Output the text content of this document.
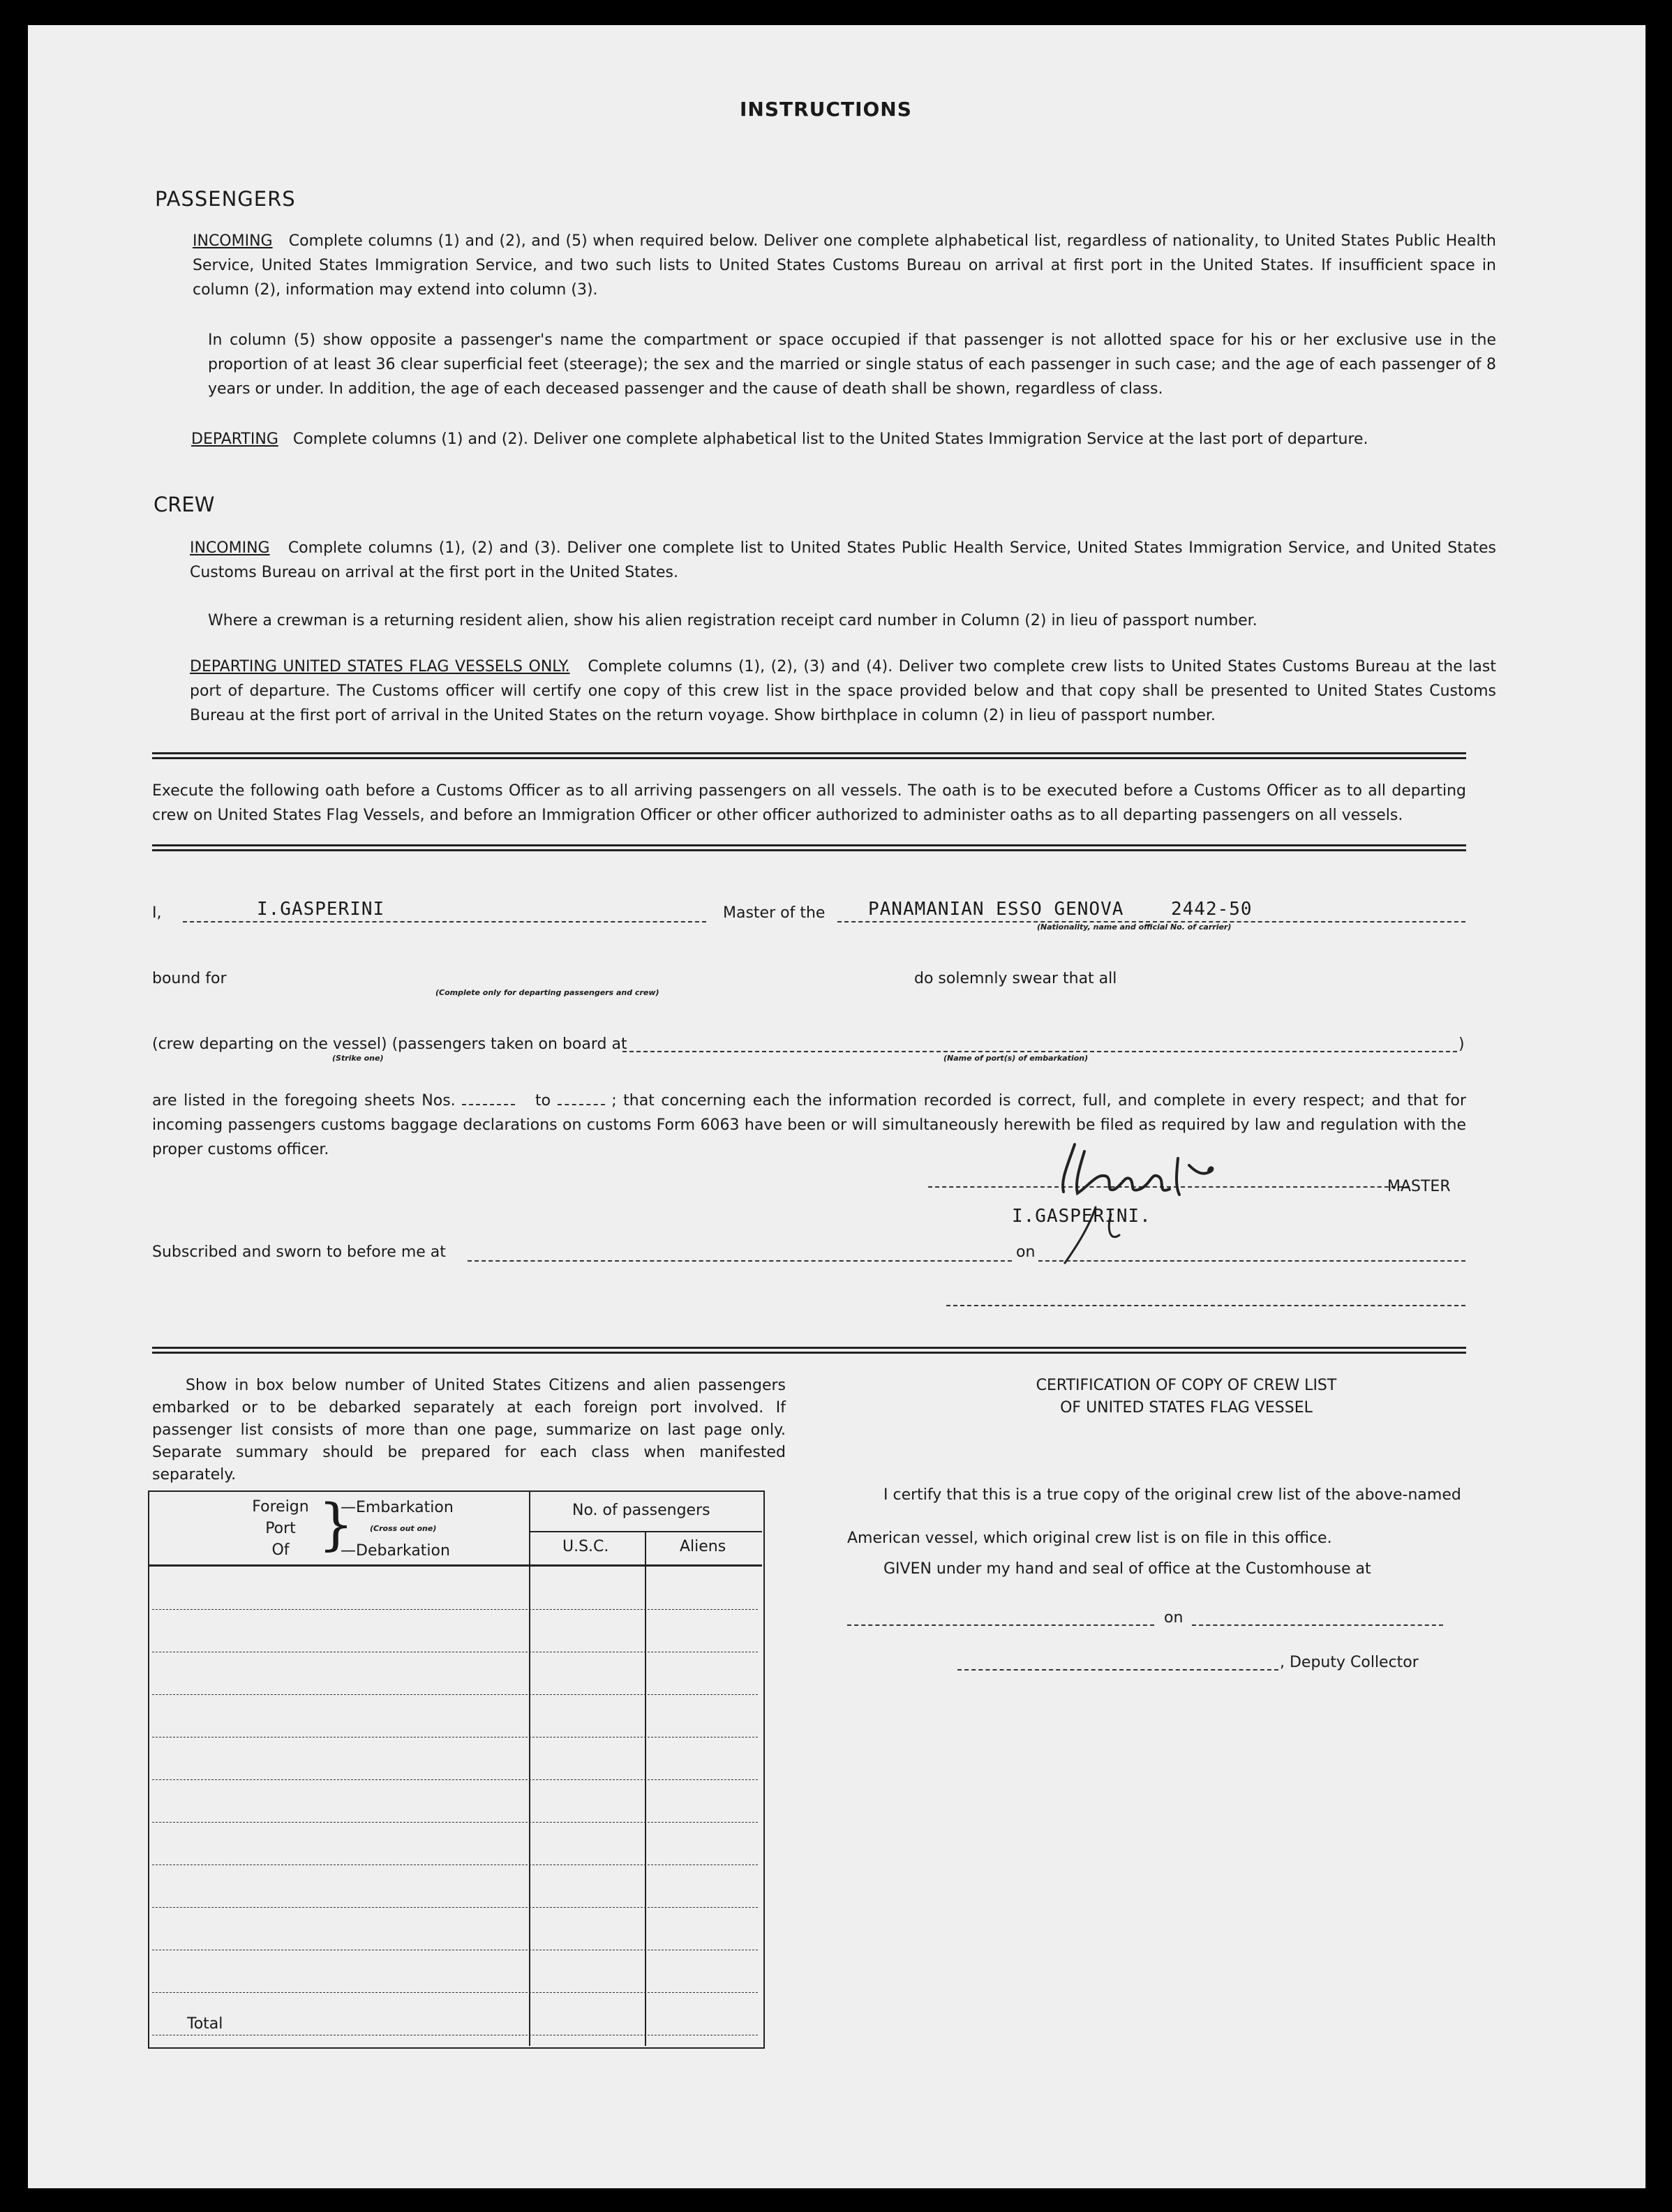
INSTRUCTIONS
PASSENGERS
INCOMING Complete columns (1) and (2), and (5) when required below. Deliver one complete alphabetical list, regardless of nationality, to United States Public Health Service, United States Immigration Service, and two such lists to United States Customs Bureau on arrival at first port in the United States. If insufficient space in column (2), information may extend into column (3).
In column (5) show opposite a passenger's name the compartment or space occupied if that passenger is not allotted space for his or her exclusive use in the proportion of at least 36 clear superficial feet (steerage); the sex and the married or single status of each passenger in such case; and the age of each passenger of 8 years or under. In addition, the age of each deceased passenger and the cause of death shall be shown, regardless of class.
DEPARTING Complete columns (1) and (2). Deliver one complete alphabetical list to the United States Immigration Service at the last port of departure.
CREW
INCOMING Complete columns (1), (2) and (3). Deliver one complete list to United States Public Health Service, United States Immigration Service, and United States Customs Bureau on arrival at the first port in the United States.
Where a crewman is a returning resident alien, show his alien registration receipt card number in Column (2) in lieu of passport number.
DEPARTING UNITED STATES FLAG VESSELS ONLY. Complete columns (1), (2), (3) and (4). Deliver two complete crew lists to United States Customs Bureau at the last port of departure. The Customs officer will certify one copy of this crew list in the space provided below and that copy shall be presented to United States Customs Bureau at the first port of arrival in the United States on the return voyage. Show birthplace in column (2) in lieu of passport number.
Execute the following oath before a Customs Officer as to all arriving passengers on all vessels. The oath is to be executed before a Customs Officer as to all departing crew on United States Flag Vessels, and before an Immigration Officer or other officer authorized to administer oaths as to all departing passengers on all vessels.
I,	I.GASPERINI	Master of the PANAMANIAN ESSO GENOVA	2442-50
(Nationality, name and official No. of carrier)
bound for
(Complete only for departing passengers and crew)
do solemnly swear that all
(crew departing on the vessel) (passengers taken on board at	)
(Strike one)	(Name of port(s) of embarkation)
are listed in the foregoing sheets Nos.	to	; that concerning each the information recorded is correct, full, and complete in every respect; and that for incoming passengers customs baggage declarations on customs Form 6063 have been or will simultaneously herewith be filed as required by law and regulation with the proper customs officer.
MASTER
I.GASPERINI.
Subscribed and sworn to before me at	on
Show in box below number of United States Citizens and alien passengers embarked or to be debarked separately at each foreign port involved. If passenger list consists of more than one page, summarize on last page only. Separate summary should be prepared for each class when manifested separately.
Foreign
Port
Of }
—Embarkation
(Cross out one)
—Debarkation
No. of passengers
U.S.C.	Aliens
Total
CERTIFICATION OF COPY OF CREW LIST
OF UNITED STATES FLAG VESSEL
I certify that this is a true copy of the original crew list of the above-named
American vessel, which original crew list is on file in this office.
GIVEN under my hand and seal of office at the Customhouse at
on
, Deputy Collector
